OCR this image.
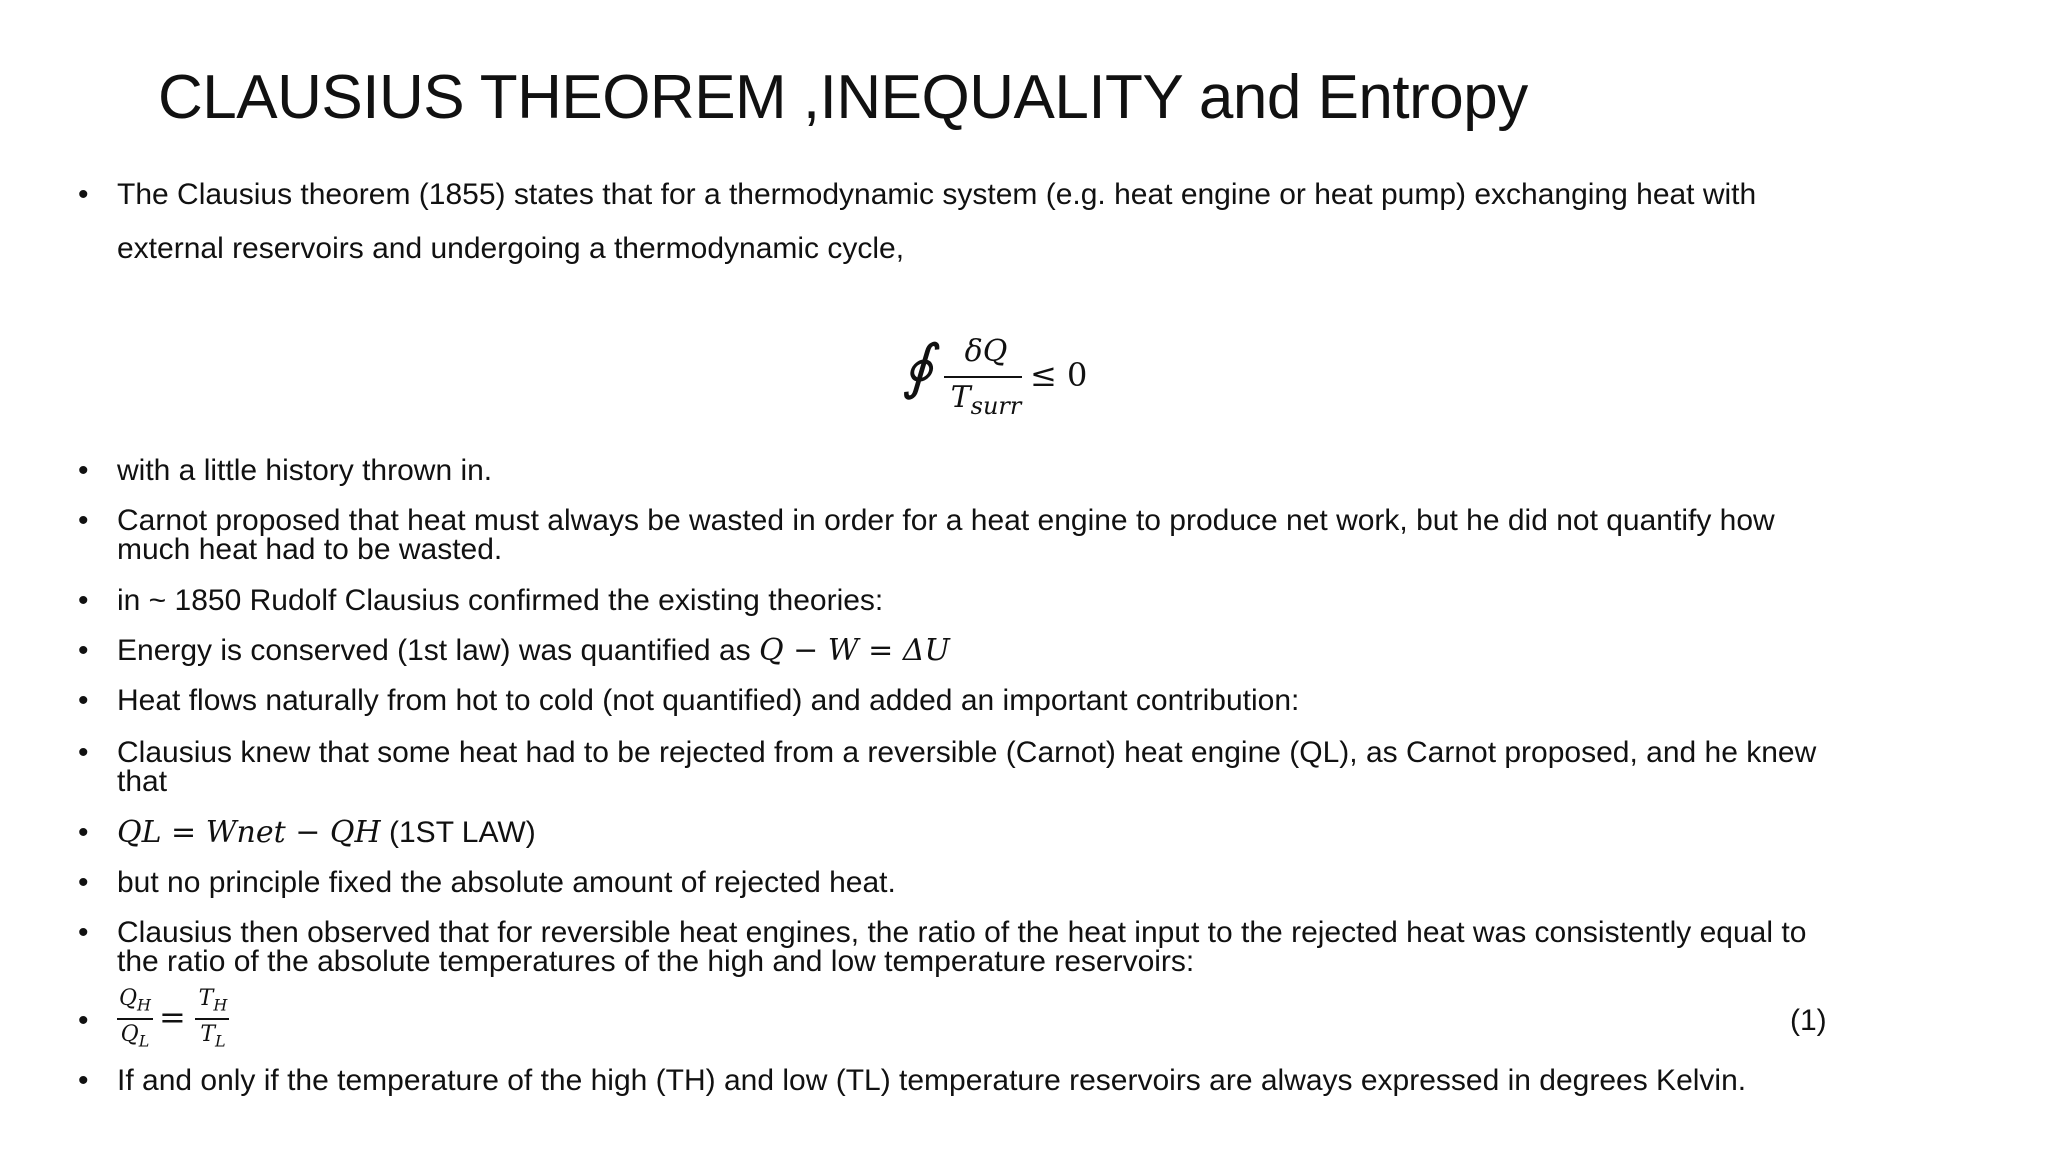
CLAUSIUS THEOREM ,INEQUALITY and Entropy
• The Clausius theorem (1855) states that for a thermodynamic system (e.g. heat engine or heat pump) exchanging heat with
external reservoirs and undergoing a thermodynamic cycle,
∮	δQ
$T_{surr}$
≤ 0
• with a little history thrown in.
• Carnot proposed that heat must always be wasted in order for a heat engine to produce net work, but he did not quantify how
much heat had to be wasted.
• in ~ 1850 Rudolf Clausius confirmed the existing theories:
• Energy is conserved (1st law) was quantified as Q − W = ΔU
• Heat flows naturally from hot to cold (not quantified) and added an important contribution:
• Clausius knew that some heat had to be rejected from a reversible (Carnot) heat engine (QL), as Carnot proposed, and he knew
that
• QL = Wnet − QH (1ST LAW)
• but no principle fixed the absolute amount of rejected heat.
• Clausius then observed that for reversible heat engines, the ratio of the heat input to the rejected heat was consistently equal to
the ratio of the absolute temperatures of the high and low temperature reservoirs:
•
$Q_H$
$Q_L$
= $T_H$
$T_L$
(1)
• If and only if the temperature of the high (TH) and low (TL) temperature reservoirs are always expressed in degrees Kelvin.
